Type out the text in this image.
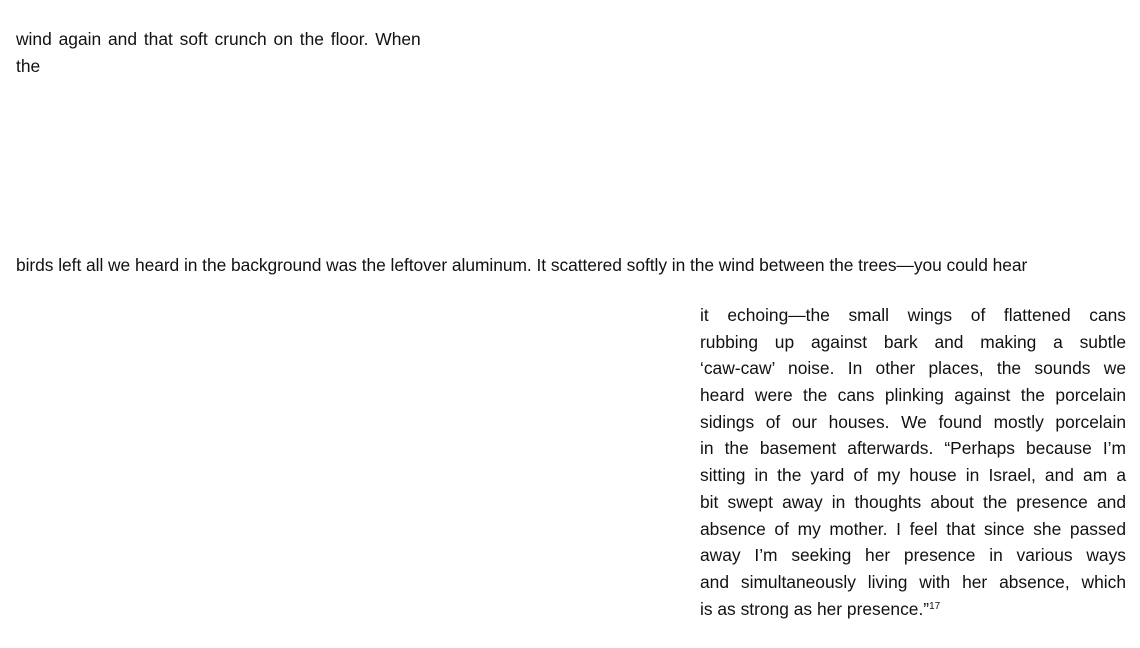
wind again and that soft crunch on the floor. When
the
birds left all we heard in the background was the leftover aluminum. It scattered softly in the wind between the trees—you could hear
it echoing—the small wings of flattened cans
rubbing up against bark and making a subtle
‘caw-caw’ noise. In other places, the sounds we
heard were the cans plinking against the porcelain
sidings of our houses. We found mostly porcelain
in the basement afterwards. “Perhaps because I’m
sitting in the yard of my house in Israel, and am a
bit swept away in thoughts about the presence and
absence of my mother. I feel that since she passed
away I’m seeking her presence in various ways
and simultaneously living with her absence, which
is as strong as her presence.”$^{17}$
